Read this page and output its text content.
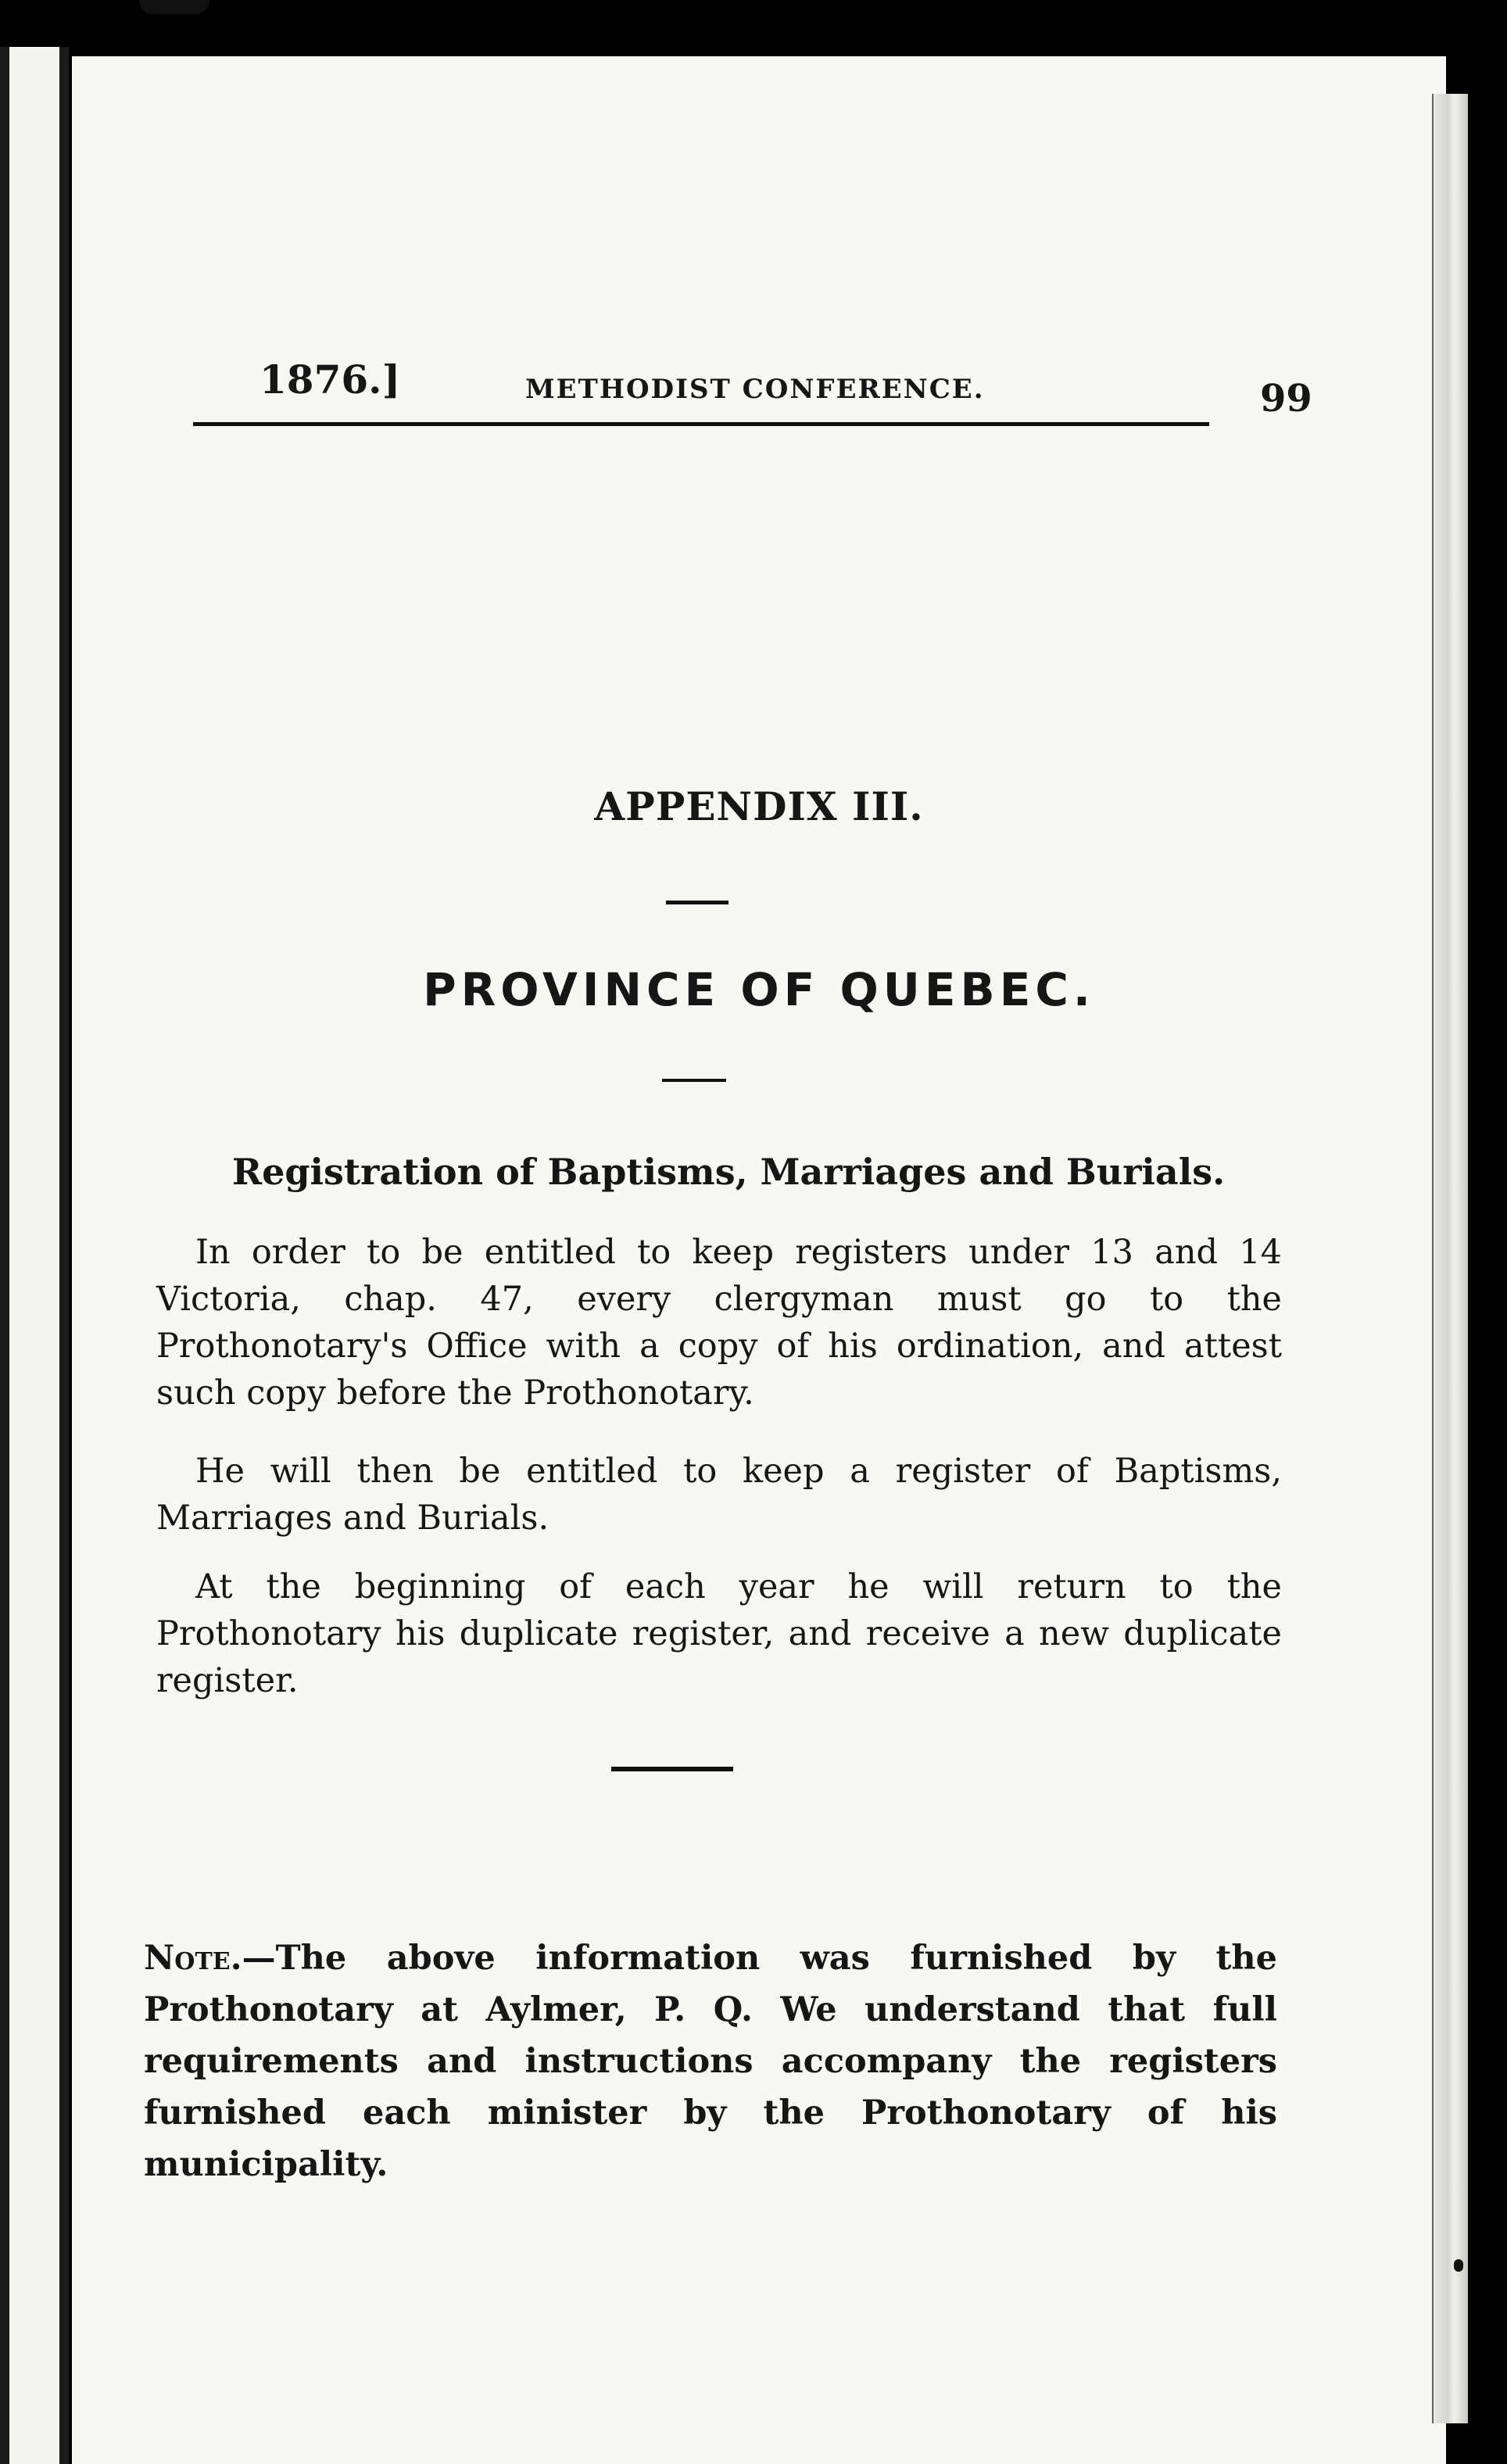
1876.]	METHODIST CONFERENCE.	99
APPENDIX III.
PROVINCE OF QUEBEC.
Registration of Baptisms, Marriages and Burials.

In order to be entitled to keep registers under 13 and 14 Victoria, chap. 47, every clergyman must go to the Prothonotary's Office with a copy of his ordination, and attest such copy before the Prothonotary.

He will then be entitled to keep a register of Baptisms, Marriages and Burials.

At the beginning of each year he will return to the Prothonotary his duplicate register, and receive a new duplicate register.

Note.—The above information was furnished by the Prothonotary at Aylmer, P. Q. We understand that full requirements and instructions accompany the registers furnished each minister by the Prothonotary of his municipality.
